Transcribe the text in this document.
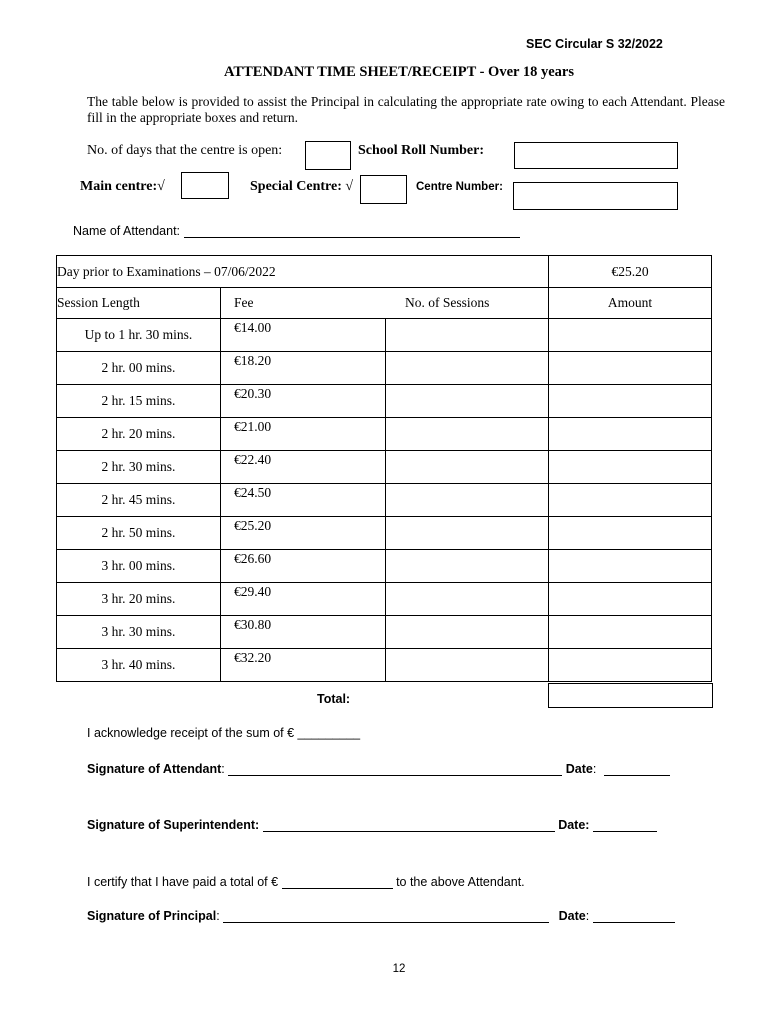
SEC Circular S 32/2022
ATTENDANT TIME SHEET/RECEIPT - Over 18 years
The table below is provided to assist the Principal in calculating the appropriate rate owing to each Attendant. Please fill in the appropriate boxes and return.
No. of days that the centre is open:	School Roll Number:
Main centre:√	Special Centre: √	Centre Number:
Name of Attendant:
Day prior to Examinations – 07/06/2022			€25.20
Session Length	Fee No. of Sessions		Amount
Up to 1 hr. 30 mins.	€14.00		
2 hr. 00 mins.	€18.20		
2 hr. 15 mins.	€20.30		
2 hr. 20 mins.	€21.00		
2 hr. 30 mins.	€22.40		
2 hr. 45 mins.	€24.50		
2 hr. 50 mins.	€25.20		
3 hr. 00 mins.	€26.60		
3 hr. 20 mins.	€29.40		
3 hr. 30 mins.	€30.80		
3 hr. 40 mins.	€32.20		
Total:
I acknowledge receipt of the sum of € _________
Signature of Attendant:	Date:
Signature of Superintendent:	Date:
I certify that I have paid a total of €	to the above Attendant.
Signature of Principal:	Date:
12
